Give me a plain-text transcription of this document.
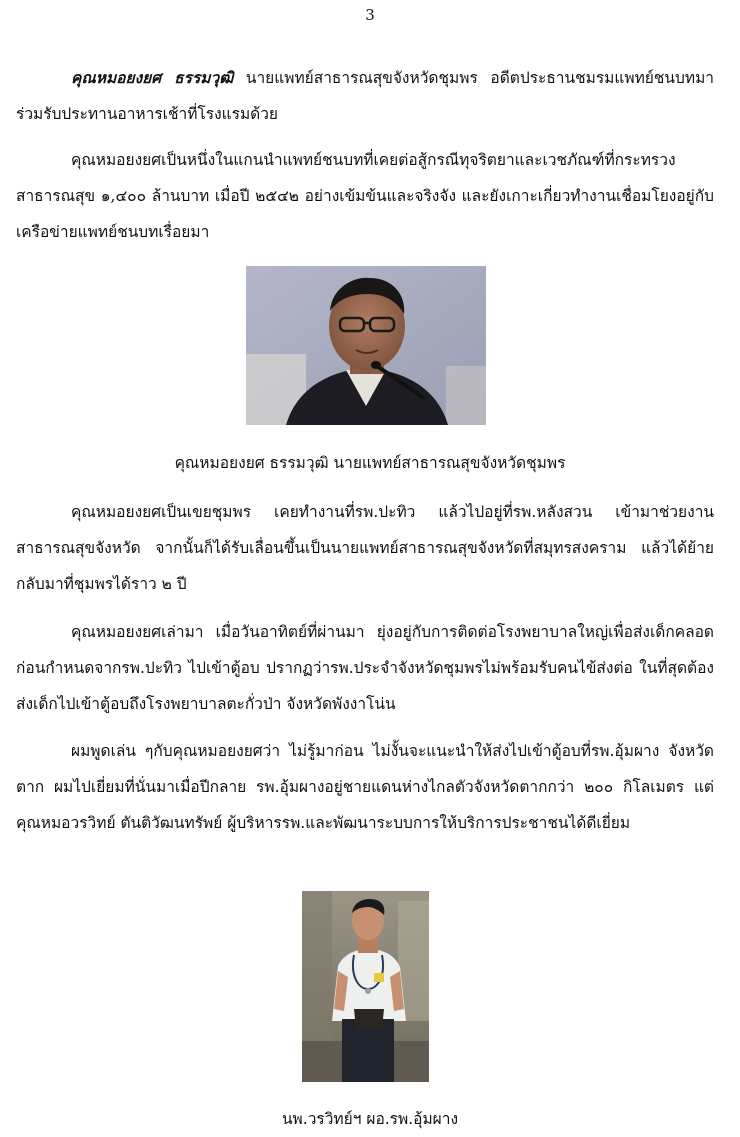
3

คุณหมอยงยศ ธรรมวุฒิ นายแพทย์สาธารณสุขจังหวัดชุมพร อดีตประธานชมรมแพทย์ชนบทมาร่วมรับประทานอาหารเช้าที่โรงแรมด้วย

คุณหมอยงยศเป็นหนึ่งในแกนนำแพทย์ชนบทที่เคยต่อสู้กรณีทุจริตยาและเวชภัณฑ์ที่กระทรวงสาธารณสุข ๑,๔๐๐ ล้านบาท เมื่อปี ๒๕๔๒ อย่างเข้มข้นและจริงจัง และยังเกาะเกี่ยวทำงานเชื่อมโยงอยู่กับเครือข่ายแพทย์ชนบทเรื่อยมา

คุณหมอยงยศ ธรรมวุฒิ นายแพทย์สาธารณสุขจังหวัดชุมพร

คุณหมอยงยศเป็นเขยชุมพร เคยทำงานที่รพ.ปะทิว แล้วไปอยู่ที่รพ.หลังสวน เข้ามาช่วยงานสาธารณสุขจังหวัด จากนั้นก็ได้รับเลื่อนขึ้นเป็นนายแพทย์สาธารณสุขจังหวัดที่สมุทรสงคราม แล้วได้ย้ายกลับมาที่ชุมพรได้ราว ๒ ปี

คุณหมอยงยศเล่ามา เมื่อวันอาทิตย์ที่ผ่านมา ยุ่งอยู่กับการติดต่อโรงพยาบาลใหญ่เพื่อส่งเด็กคลอดก่อนกำหนดจากรพ.ปะทิว ไปเข้าตู้อบ ปรากฏว่ารพ.ประจำจังหวัดชุมพรไม่พร้อมรับคนไข้ส่งต่อ ในที่สุดต้องส่งเด็กไปเข้าตู้อบถึงโรงพยาบาลตะกั่วป่า จังหวัดพังงาโน่น

ผมพูดเล่น ๆกับคุณหมอยงยศว่า ไม่รู้มาก่อน ไม่งั้นจะแนะนำให้ส่งไปเข้าตู้อบที่รพ.อุ้มผาง จังหวัดตาก ผมไปเยี่ยมที่นั่นมาเมื่อปีกลาย รพ.อุ้มผางอยู่ชายแดนห่างไกลตัวจังหวัดตากกว่า ๒๐๐ กิโลเมตร แต่คุณหมอวรวิทย์ ตันติวัฒนทรัพย์ ผู้บริหารรพ.และพัฒนาระบบการให้บริการประชาชนได้ดีเยี่ยม

นพ.วรวิทย์ฯ ผอ.รพ.อุ้มผาง
